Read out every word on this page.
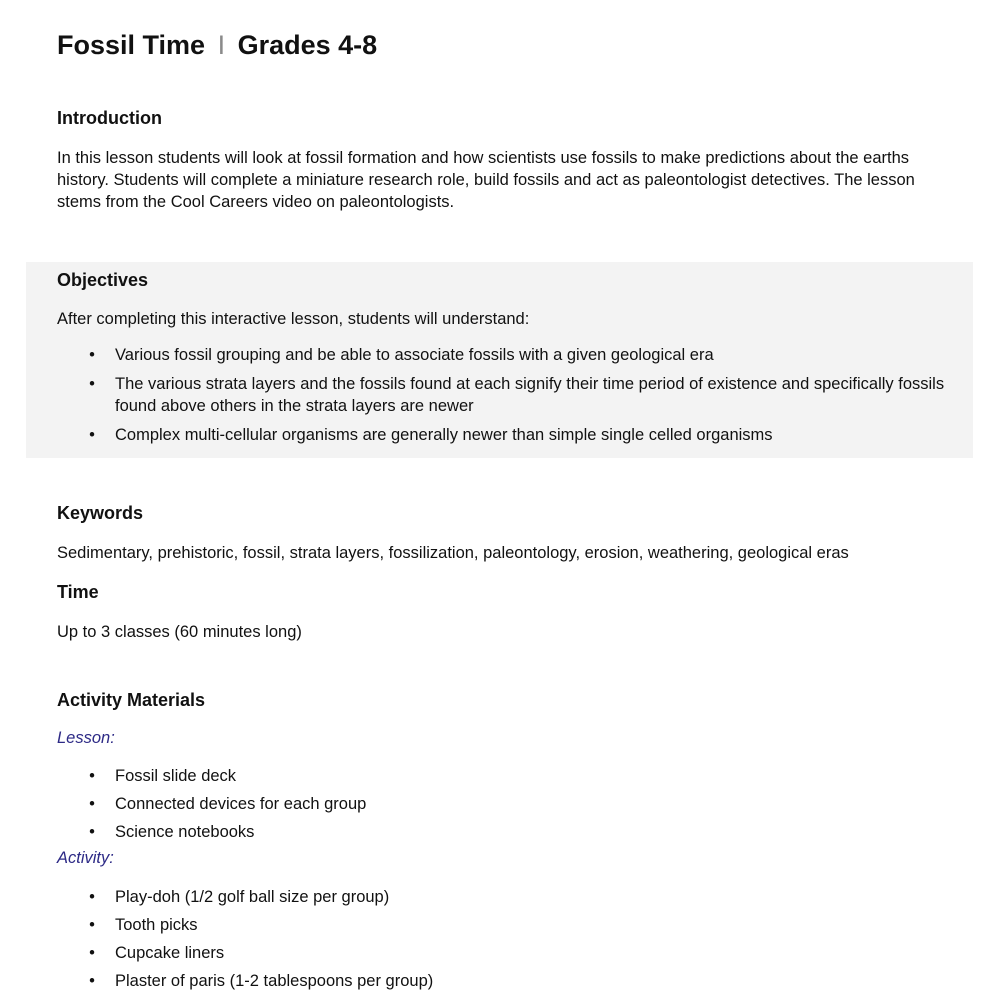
Fossil Time I Grades 4-8
Introduction

In this lesson students will look at fossil formation and how scientists use fossils to make predictions about the earths history. Students will complete a miniature research role, build fossils and act as paleontologist detectives. The lesson stems from the Cool Careers video on paleontologists.

Objectives

After completing this interactive lesson, students will understand:

• Various fossil grouping and be able to associate fossils with a given geological era
• The various strata layers and the fossils found at each signify their time period of existence and specifically fossils found above others in the strata layers are newer
• Complex multi-cellular organisms are generally newer than simple single celled organisms
Keywords

Sedimentary, prehistoric, fossil, strata layers, fossilization, paleontology, erosion, weathering, geological eras

Time

Up to 3 classes (60 minutes long)

Activity Materials

Lesson:

• Fossil slide deck
• Connected devices for each group
• Science notebooks

Activity:

• Play-doh (1/2 golf ball size per group)
• Tooth picks
• Cupcake liners
• Plaster of paris (1-2 tablespoons per group)
